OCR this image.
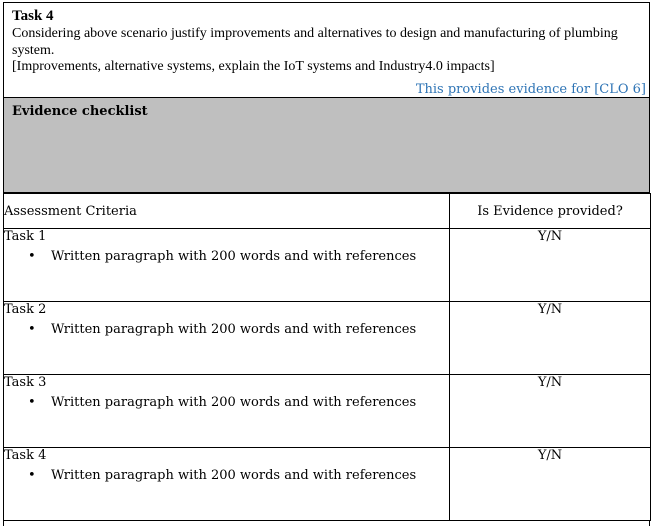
Task 4
Considering above scenario justify improvements and alternatives to design and manufacturing of plumbing system.
[Improvements, alternative systems, explain the IoT systems and Industry4.0 impacts]
This provides evidence for [CLO 6]
Evidence checklist
Assessment Criteria	Is Evidence provided?

Task 1
• Written paragraph with 200 words and with references	Y/N

Task 2
• Written paragraph with 200 words and with references	Y/N

Task 3
• Written paragraph with 200 words and with references	Y/N

Task 4
• Written paragraph with 200 words and with references	Y/N
